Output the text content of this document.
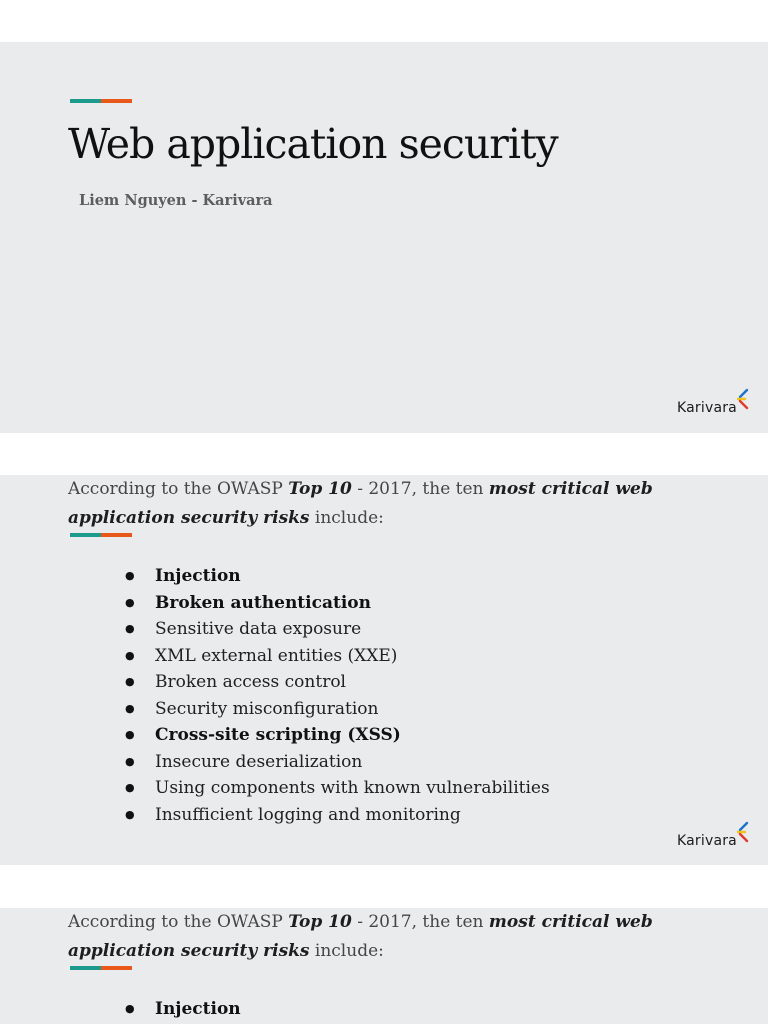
Web application security
Liem Nguyen - Karivara
Karivara
According to the OWASP Top 10 - 2017, the ten most critical web application security risks include:
● Injection
● Broken authentication
● Sensitive data exposure
● XML external entities (XXE)
● Broken access control
● Security misconfiguration
● Cross-site scripting (XSS)
● Insecure deserialization
● Using components with known vulnerabilities
● Insufficient logging and monitoring
Karivara
According to the OWASP Top 10 - 2017, the ten most critical web application security risks include:
● Injection
